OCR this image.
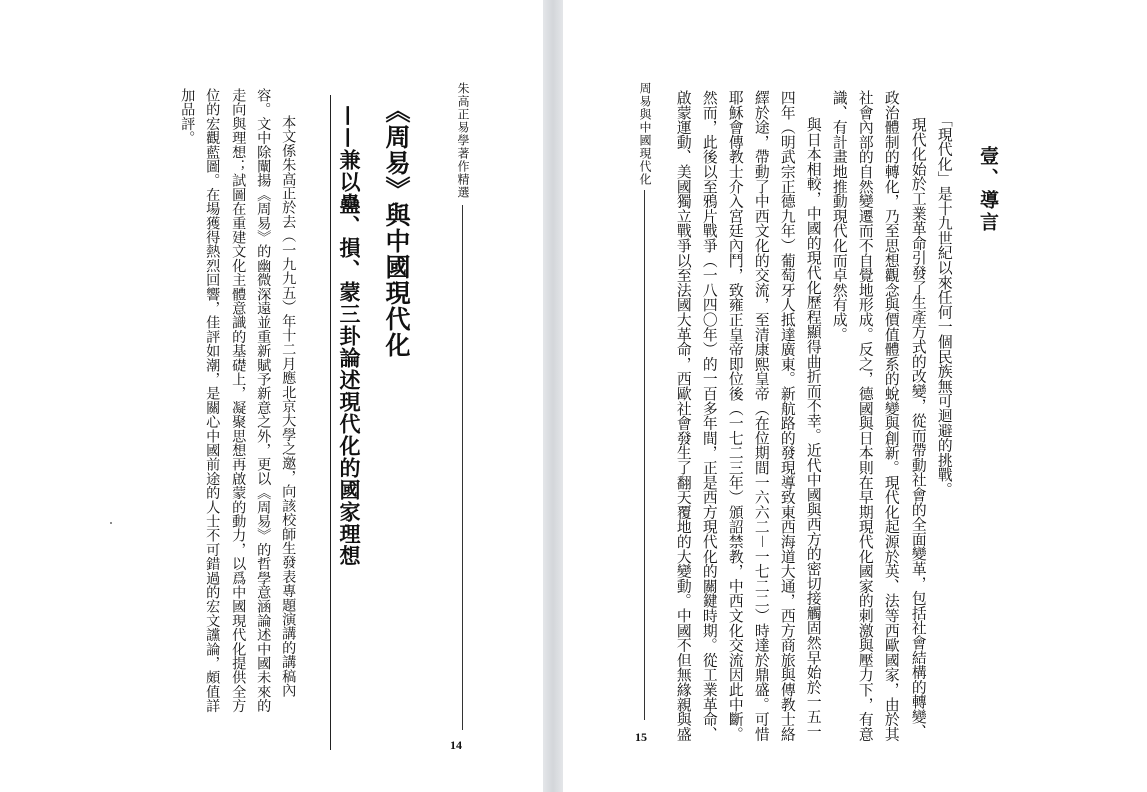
朱高正易學著作精選
14
《周易》與中國現代化
——兼以蠱、損、蒙三卦論述現代化的國家理想
本文係朱高正於去（一九九五）年十二月應北京大學之邀，向該校師生發表專題演講的講稿內
容。文中除闡揚《周易》的幽微深遠並重新賦予新意之外，更以《周易》的哲學意涵論述中國未來的
走向與理想；試圖在重建文化主體意識的基礎上，凝聚思想再啟蒙的動力，以爲中國現代化提供全方
位的宏觀藍圖。在場獲得熱烈回響，佳評如潮，是關心中國前途的人士不可錯過的宏文讜論，頗值詳
加品評。	周易與中國現代化
15
壹、導言
「現代化」是十九世紀以來任何一個民族無可迴避的挑戰。
現代化始於工業革命引發了生產方式的改變，從而帶動社會的全面變革，包括社會結構的轉變、
政治體制的轉化，乃至思想觀念與價值體系的蛻變與創新。現代化起源於英、法等西歐國家，由於其
社會內部的自然變遷而不自覺地形成。反之，德國與日本則在早期現代化國家的刺激與壓力下，有意
識、有計畫地推動現代化而卓然有成。
與日本相較，中國的現代化歷程顯得曲折而不幸。近代中國與西方的密切接觸固然早始於一五一
四年（明武宗正德九年）葡萄牙人抵達廣東。新航路的發現導致東西海道大通，西方商旅與傳教士絡
繹於途，帶動了中西文化的交流，至清康熙皇帝（在位期間一六六二－一七二二）時達於鼎盛。可惜
耶穌會傳教士介入宮廷內鬥，致雍正皇帝即位後（一七二三年）頒詔禁教，中西文化交流因此中斷。
然而，此後以至鴉片戰爭（一八四〇年）的一百多年間，正是西方現代化的關鍵時期。從工業革命、
啟蒙運動、美國獨立戰爭以至法國大革命，西歐社會發生了翻天覆地的大變動。中國不但無緣親與盛
